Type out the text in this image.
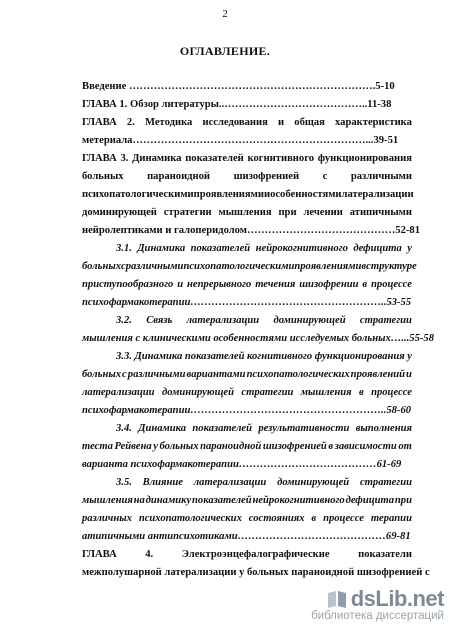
2
ОГЛАВЛЕНИЕ.
Введение …………………………………………………………….5-10
ГЛАВА 1. Обзор литературы..…………………………………..11-38
ГЛАВА 2. Методика исследования и общая характеристика
метериала…………………………………………………………...39-51
ГЛАВА 3. Динамика показателей когнитивного функционирования
больных параноидной шизофренией с различными
психопатологическими проявлениями и особенностями латерализации
доминирующей стратегии мышления при лечении атипичными
нейролептиками и галоперидолом……………………………………52-81
3.1. Динамика показателей нейрокогнитивного дефицита у
больных с различными психопатологическими проявлениями в структуре
приступообразного и непрерывного течения шизофрении в процессе
психофармакотерапии………………………………………………..53-55
3.2. Связь латерализации доминирующей стратегии
мышления с клиническими особенностями исследуемых больных…...55-58
3.3. Динамика показателей когнитивного функционирования у
больных с различными вариантами психопатологических проявлений и
латерализации доминирующей стратегии мышления в процессе
психофармакотерапии………………………………………………..58-60
3.4. Динамика показателей результативности выполнения
теста Рейвена у больных параноидной шизофренией в зависимости от
варианта психофармакотерапии…………………………………61-69
3.5. Влияние латерализации доминирующей стратегии
мышления на динамику показателей нейрокогнитивного дефицита при
различных психопатологических состояниях в процессе терапии
атипичными антипсихотиками……………………………………69-81
ГЛАВА	4.	Электроэнцефалографические	показатели
межполушарной латерализации у больных параноидной шизофренией с
dsLib.net
библиотека диссертаций
